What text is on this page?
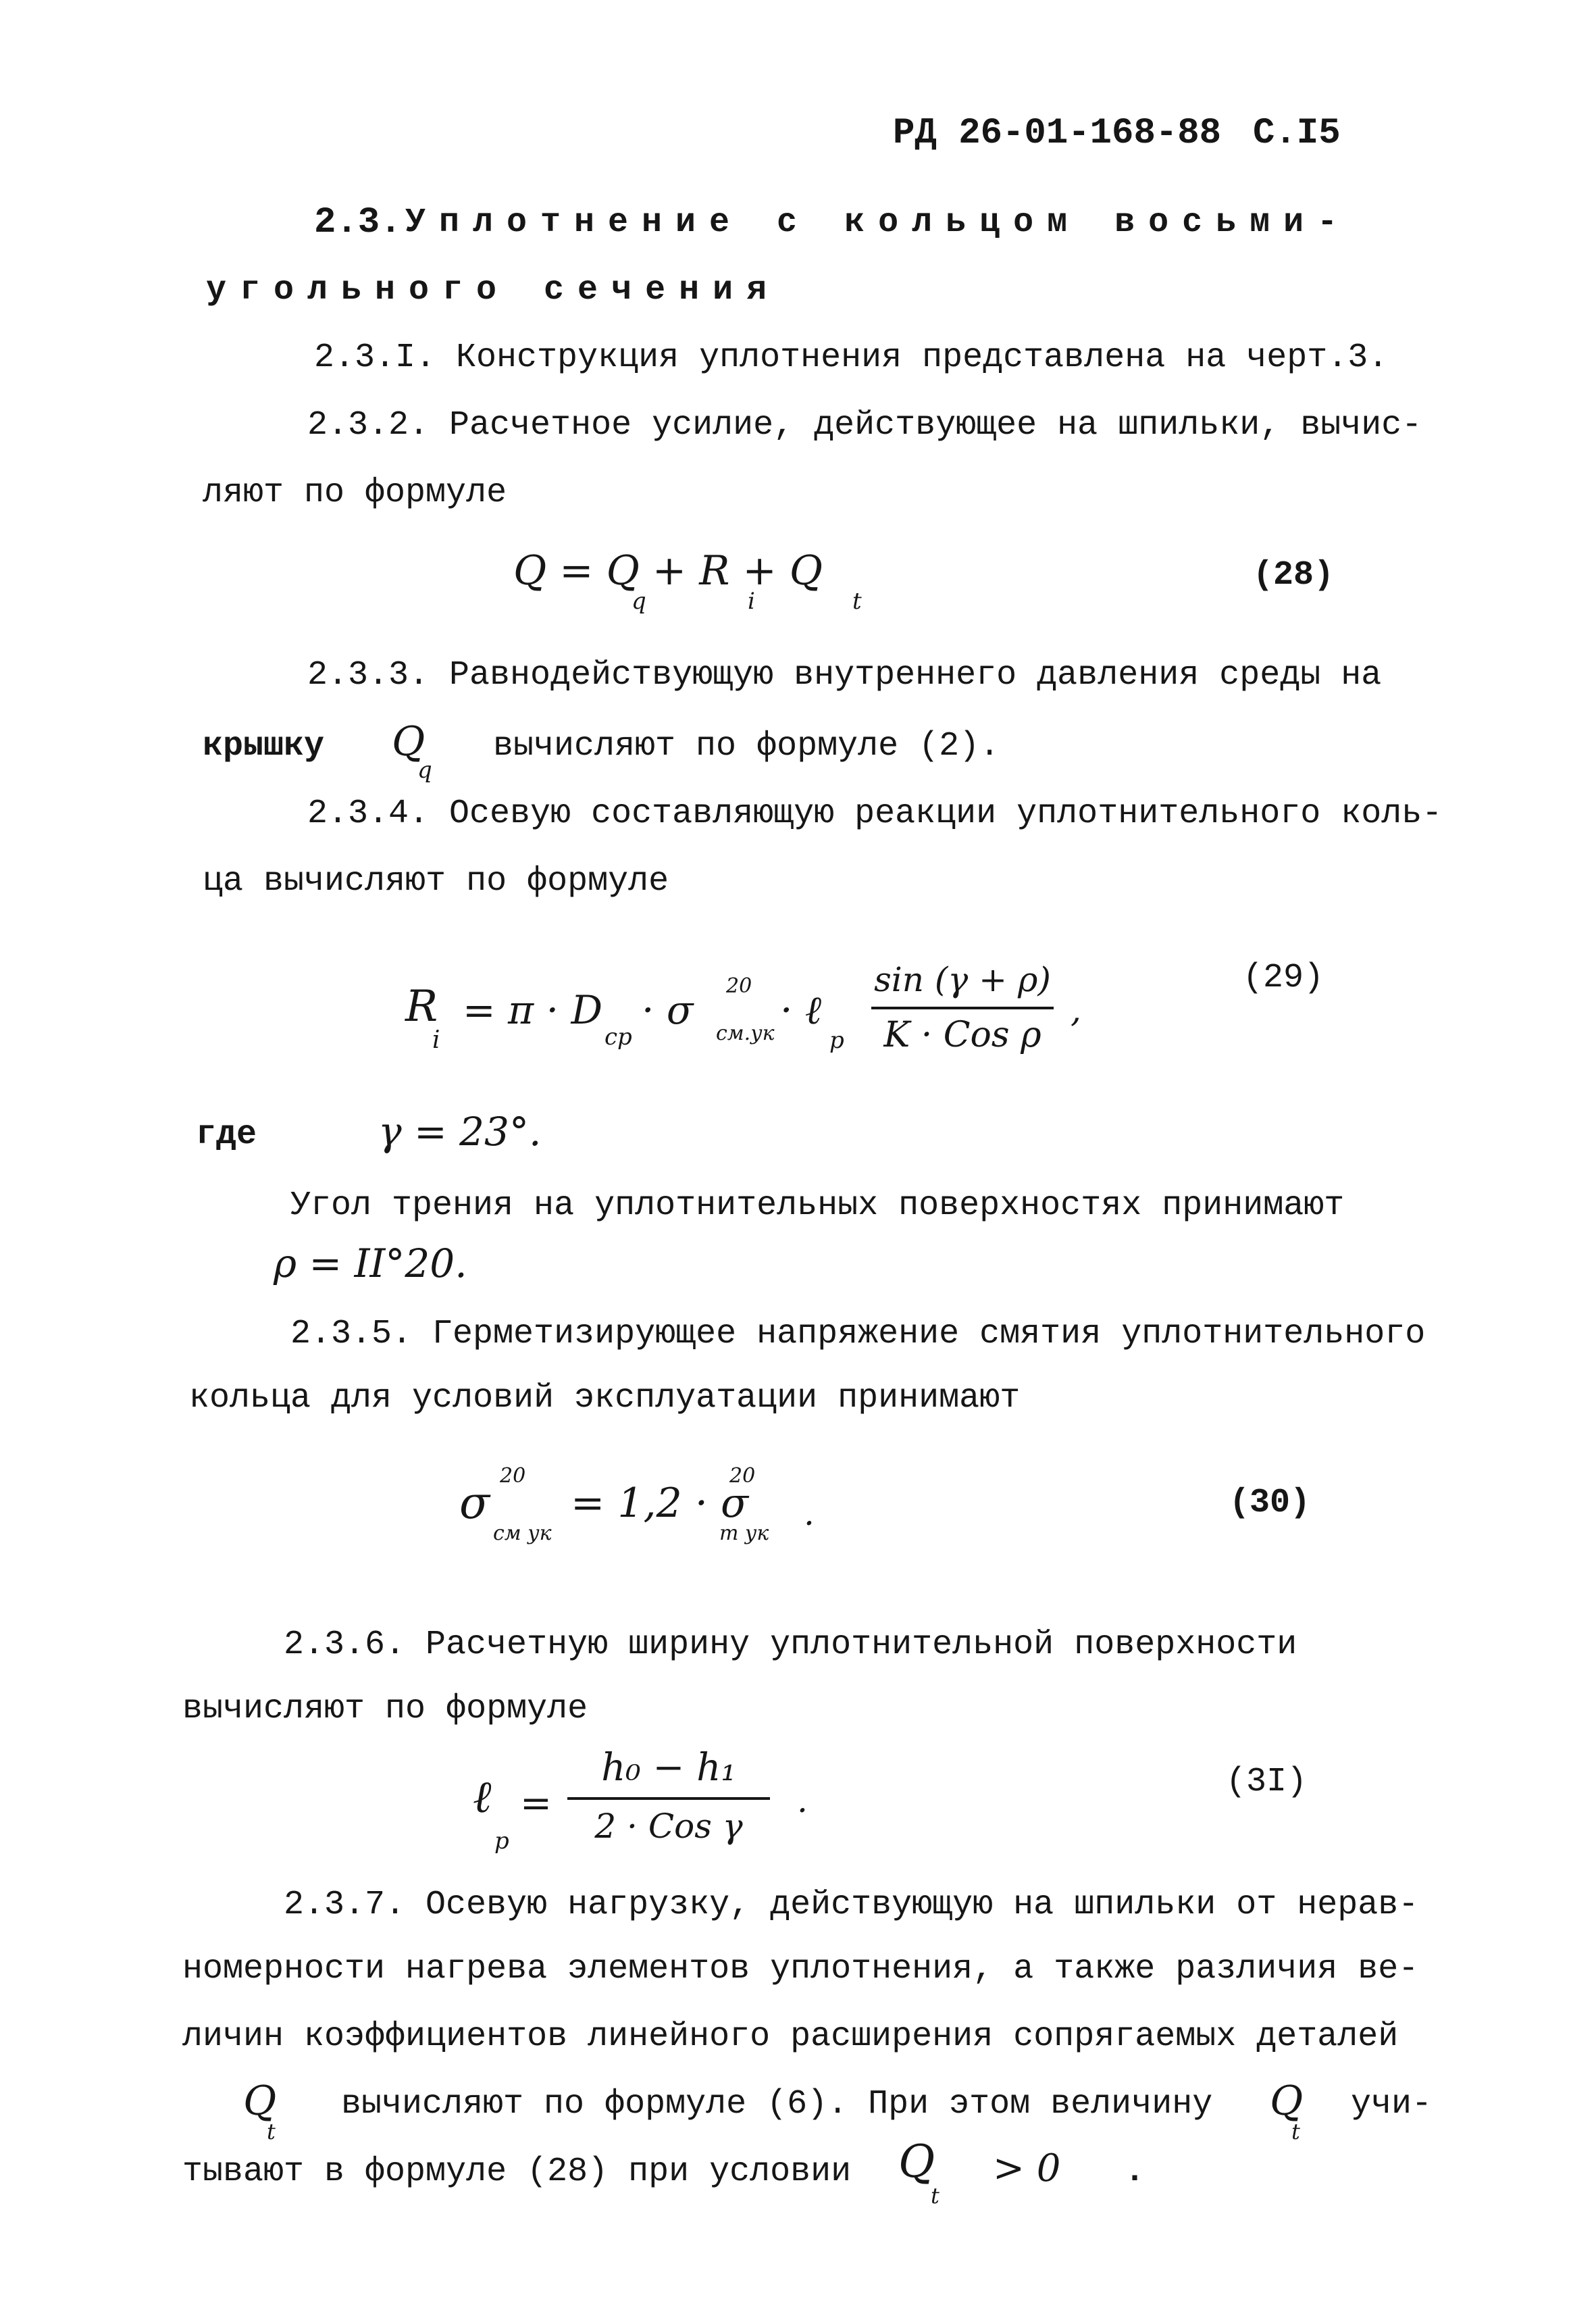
РД 26-01-168-88 С.I5
2.3. Уплотнение с кольцом восьми-
угольного сечения
2.3.I. Конструкция уплотнения представлена на черт.3.
2.3.2. Расчетное усилие, действующее на шпильки, вычис-
ляют по формуле
Q = Q + R + Q
q	i	t
(28)
2.3.3. Равнодействующую внутреннего давления среды на
крышку Q
q
вычисляют по формуле (2).
2.3.4. Осевую составляющую реакции уплотнительного коль-
ца вычисляют по формуле
R
i
= π · D
ср
· σ
20
см.ук
· ℓ
р
sin (γ + ρ)
K · Cos ρ
,
(29)
где	γ = 23°.
Угол трения на уплотнительных поверхностях принимают
ρ = II°20.
2.3.5. Герметизирующее напряжение смятия уплотнительного
кольца для условий эксплуатации принимают
σ
20
см ук
= 1,2 · σ
20
т ук
.	(30)
2.3.6. Расчетную ширину уплотнительной поверхности
вычисляют по формуле
ℓ
р
=
h₀ − h₁
2 · Cos γ
.	(3I)
2.3.7. Осевую нагрузку, действующую на шпильки от нерав-
номерности нагрева элементов уплотнения, а также различия ве-
личин коэффициентов линейного расширения сопрягаемых деталей
Q
t
вычисляют по формуле (6). При этом величину Q
t
учи-
тывают в формуле (28) при условии Q
t
> 0 .
